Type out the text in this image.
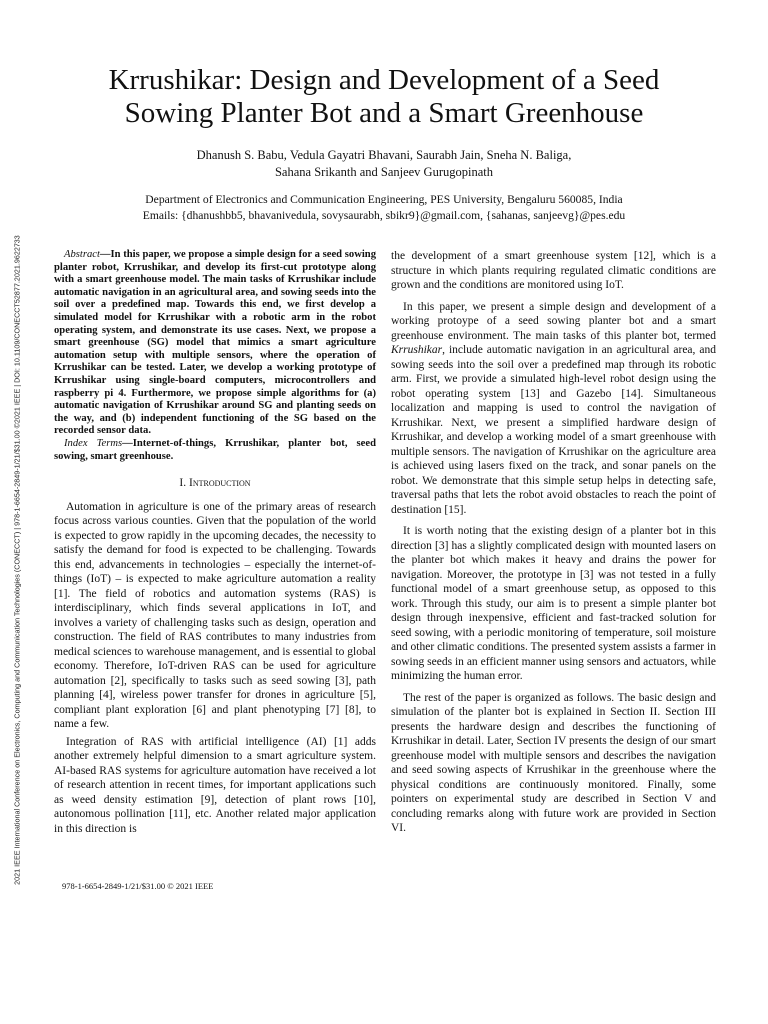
2021 IEEE International Conference on Electronics, Computing and Communication Technologies (CONECCT) | 978-1-6654-2849-1/21/$31.00 ©2021 IEEE | DOI: 10.1109/CONECCT52877.2021.9622733
Krrushikar: Design and Development of a Seed
Sowing Planter Bot and a Smart Greenhouse
Dhanush S. Babu, Vedula Gayatri Bhavani, Saurabh Jain, Sneha N. Baliga,
Sahana Srikanth and Sanjeev Gurugopinath
Department of Electronics and Communication Engineering, PES University, Bengaluru 560085, India
Emails: {dhanushbb5, bhavanivedula, sovysaurabh, sbikr9}@gmail.com, {sahanas, sanjeevg}@pes.edu

Abstract—In this paper, we propose a simple design for a seed sowing planter robot, Krrushikar, and develop its first-cut prototype along with a smart greenhouse model. The main tasks of Krrushikar include automatic navigation in an agricultural area, and sowing seeds into the soil over a predefined map. Towards this end, we first develop a simulated model for Krrushikar with a robotic arm in the robot operating system, and demonstrate its use cases. Next, we propose a smart greenhouse (SG) model that mimics a smart agriculture automation setup with multiple sensors, where the operation of Krrushikar can be tested. Later, we develop a working prototype of Krrushikar using single-board computers, microcontrollers and raspberry pi 4. Furthermore, we propose simple algorithms for (a) automatic navigation of Krrushikar around SG and planting seeds on the way, and (b) independent functioning of the SG based on the recorded sensor data.

Index Terms—Internet-of-things, Krrushikar, planter bot, seed sowing, smart greenhouse.

I. Introduction

Automation in agriculture is one of the primary areas of research focus across various counties. Given that the population of the world is expected to grow rapidly in the upcoming decades, the necessity to satisfy the demand for food is expected to be challenging. Towards this end, advancements in technologies – especially the internet-of-things (IoT) – is expected to make agriculture automation a reality [1]. The field of robotics and automation systems (RAS) is interdisciplinary, which finds several applications in IoT, and involves a variety of challenging tasks such as design, operation and construction. The field of RAS contributes to many industries from medical sciences to warehouse management, and is essential to global economy. Therefore, IoT-driven RAS can be used for agriculture automation [2], specifically to tasks such as seed sowing [3], path planning [4], wireless power transfer for drones in agriculture [5], compliant plant exploration [6] and plant phenotyping [7] [8], to name a few.

Integration of RAS with artificial intelligence (AI) [1] adds another extremely helpful dimension to a smart agriculture system. AI-based RAS systems for agriculture automation have received a lot of research attention in recent times, for important applications such as weed density estimation [9], detection of plant rows [10], autonomous pollination [11], etc. Another related major application in this direction is

the development of a smart greenhouse system [12], which is a structure in which plants requiring regulated climatic conditions are grown and the conditions are monitored using IoT.

In this paper, we present a simple design and development of a working protoype of a seed sowing planter bot and a smart greenhouse environment. The main tasks of this planter bot, termed Krrushikar, include automatic navigation in an agricultural area, and sowing seeds into the soil over a predefined map through its robotic arm. First, we provide a simulated high-level robot design using the robot operating system [13] and Gazebo [14]. Simultaneous localization and mapping is used to control the navigation of Krrushikar. Next, we present a simplified hardware design of Krrushikar, and develop a working model of a smart greenhouse with multiple sensors. The navigation of Krrushikar on the agriculture area is achieved using lasers fixed on the track, and sonar panels on the robot. We demonstrate that this simple setup helps in detecting safe, traversal paths that lets the robot avoid obstacles to reach the point of destination [15].

It is worth noting that the existing design of a planter bot in this direction [3] has a slightly complicated design with mounted lasers on the planter bot which makes it heavy and drains the power for navigation. Moreover, the prototype in [3] was not tested in a fully functional model of a smart greenhouse setup, as opposed to this work. Through this study, our aim is to present a simple planter bot design through inexpensive, efficient and fast-tracked solution for seed sowing, with a periodic monitoring of temperature, soil moisture and other climatic conditions. The presented system assists a farmer in sowing seeds in an efficient manner using sensors and actuators, while minimizing the human error.

The rest of the paper is organized as follows. The basic design and simulation of the planter bot is explained in Section II. Section III presents the hardware design and describes the functioning of Krrushikar in detail. Later, Section IV presents the design of our smart greenhouse model with multiple sensors and describes the navigation and seed sowing aspects of Krrushikar in the greenhouse where the physical conditions are continuously monitored. Finally, some pointers on experimental study are described in Section V and concluding remarks along with future work are provided in Section VI.

978-1-6654-2849-1/21/$31.00 © 2021 IEEE
